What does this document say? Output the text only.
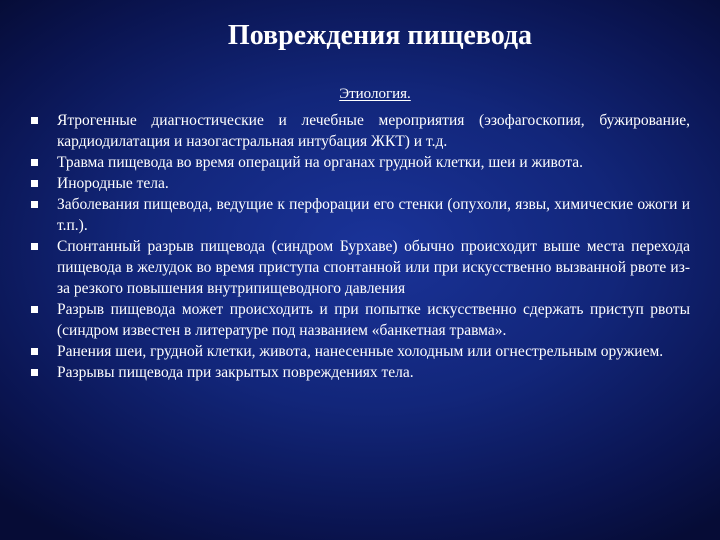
Повреждения пищевода

Этиология.

Ятрогенные диагностические и лечебные мероприятия (эзофагоскопия, бужирование, кардиодилатация и назогастральная интубация ЖКТ) и т.д.
Травма пищевода во время операций на органах грудной клетки, шеи и живота.
Инородные тела.
Заболевания пищевода, ведущие к перфорации его стенки (опухоли, язвы, химические ожоги и т.п.).
Спонтанный разрыв пищевода (синдром Бурхаве) обычно происходит выше места перехода пищевода в желудок во время приступа спонтанной или при искусственно вызванной рвоте из-за резкого повышения внутрипищеводного давления
Разрыв пищевода может происходить и при попытке искусственно сдержать приступ рвоты (синдром известен в литературе под названием «банкетная травма».
Ранения шеи, грудной клетки, живота, нанесенные холодным или огнестрельным оружием.
Разрывы пищевода при закрытых повреждениях тела.
